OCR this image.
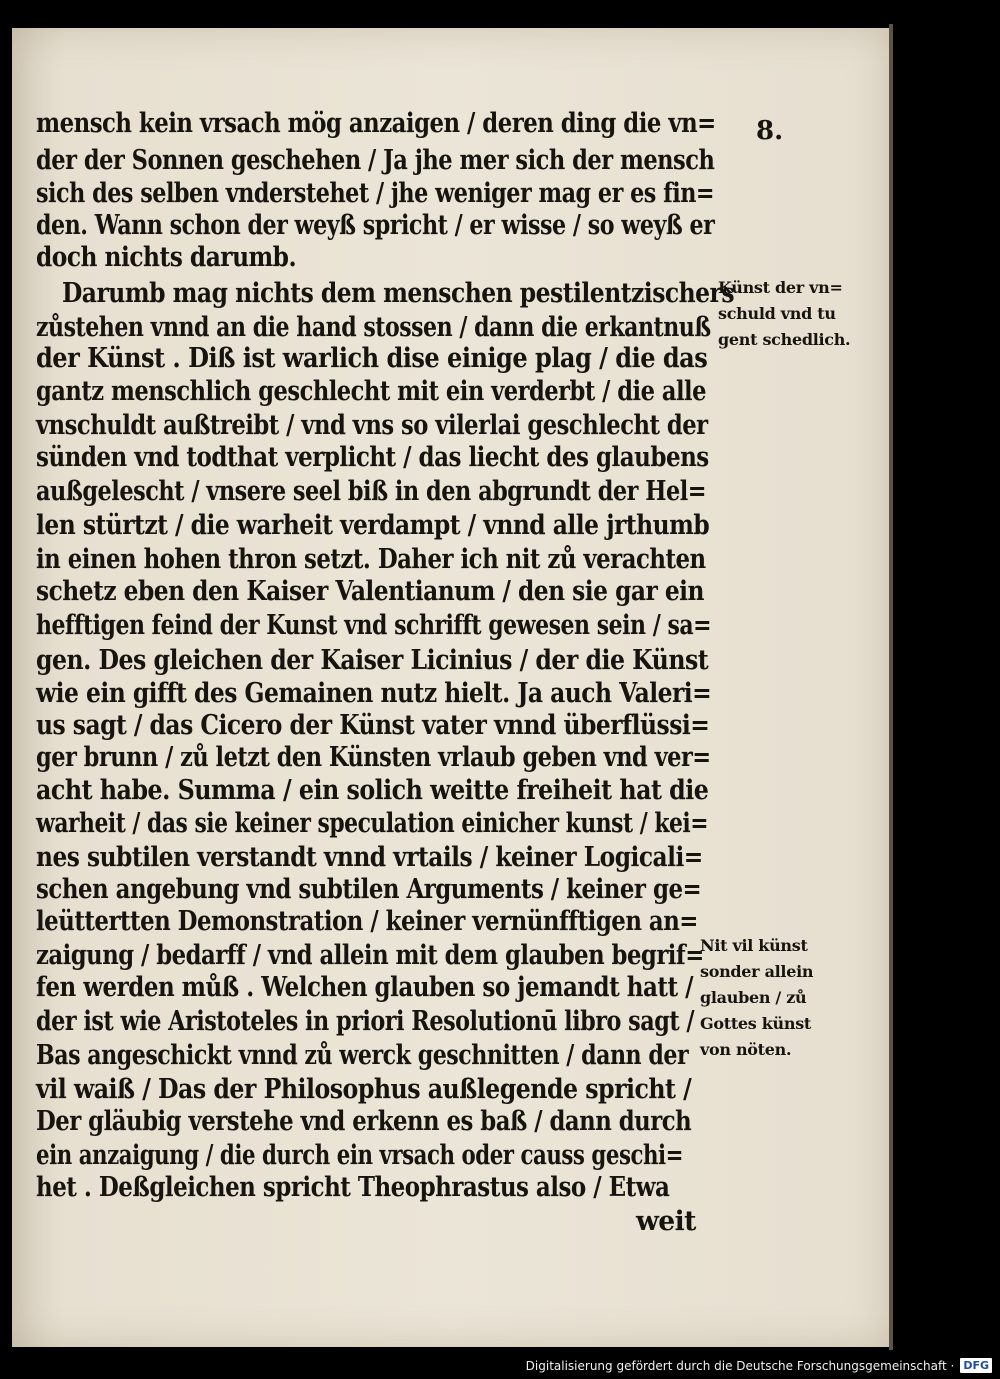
8.
mensch kein vrsach mög anzaigen / deren ding die vn=
der der Sonnen geschehen / Ja jhe mer sich der mensch
sich des selben vnderstehet / jhe weniger mag er es fin=
den. Wann schon der weyß spricht / er wisse / so weyß er
doch nichts darumb.
Darumb mag nichts dem menschen pestilentzischers
zůstehen vnnd an die hand stossen / dann die erkantnuß
der Künst . Diß ist warlich dise einige plag / die das
gantz menschlich geschlecht mit ein verderbt / die alle
vnschuldt außtreibt / vnd vns so vilerlai geschlecht der
sünden vnd todthat verplicht / das liecht des glaubens
außgelescht / vnsere seel biß in den abgrundt der Hel=
len stürtzt / die warheit verdampt / vnnd alle jrthumb
in einen hohen thron setzt. Daher ich nit zů verachten
schetz eben den Kaiser Valentianum / den sie gar ein
hefftigen feind der Kunst vnd schrifft gewesen sein / sa=
gen. Des gleichen der Kaiser Licinius / der die Künst
wie ein gifft des Gemainen nutz hielt. Ja auch Valeri=
us sagt / das Cicero der Künst vater vnnd überflüssi=
ger brunn / zů letzt den Künsten vrlaub geben vnd ver=
acht habe. Summa / ein solich weitte freiheit hat die
warheit / das sie keiner speculation einicher kunst / kei=
nes subtilen verstandt vnnd vrtails / keiner Logicali=
schen angebung vnd subtilen Arguments / keiner ge=
leüttertten Demonstration / keiner vernünfftigen an=
zaigung / bedarff / vnd allein mit dem glauben begrif=
fen werden můß . Welchen glauben so jemandt hatt /
der ist wie Aristoteles in priori Resolutionū libro sagt /
Bas angeschickt vnnd zů werck geschnitten / dann der
vil waiß / Das der Philosophus außlegende spricht /
Der gläubig verstehe vnd erkenn es baß / dann durch
ein anzaigung / die durch ein vrsach oder causs geschi=
het . Deßgleichen spricht Theophrastus also / Etwa
weit
Künst der vn=
schuld vnd tu
gent schedlich.
Nit vil künst
sonder allein
glauben / zů
Gottes künst
von nöten.
Digitalisierung gefördert durch die Deutsche Forschungsgemeinschaft · DFG
